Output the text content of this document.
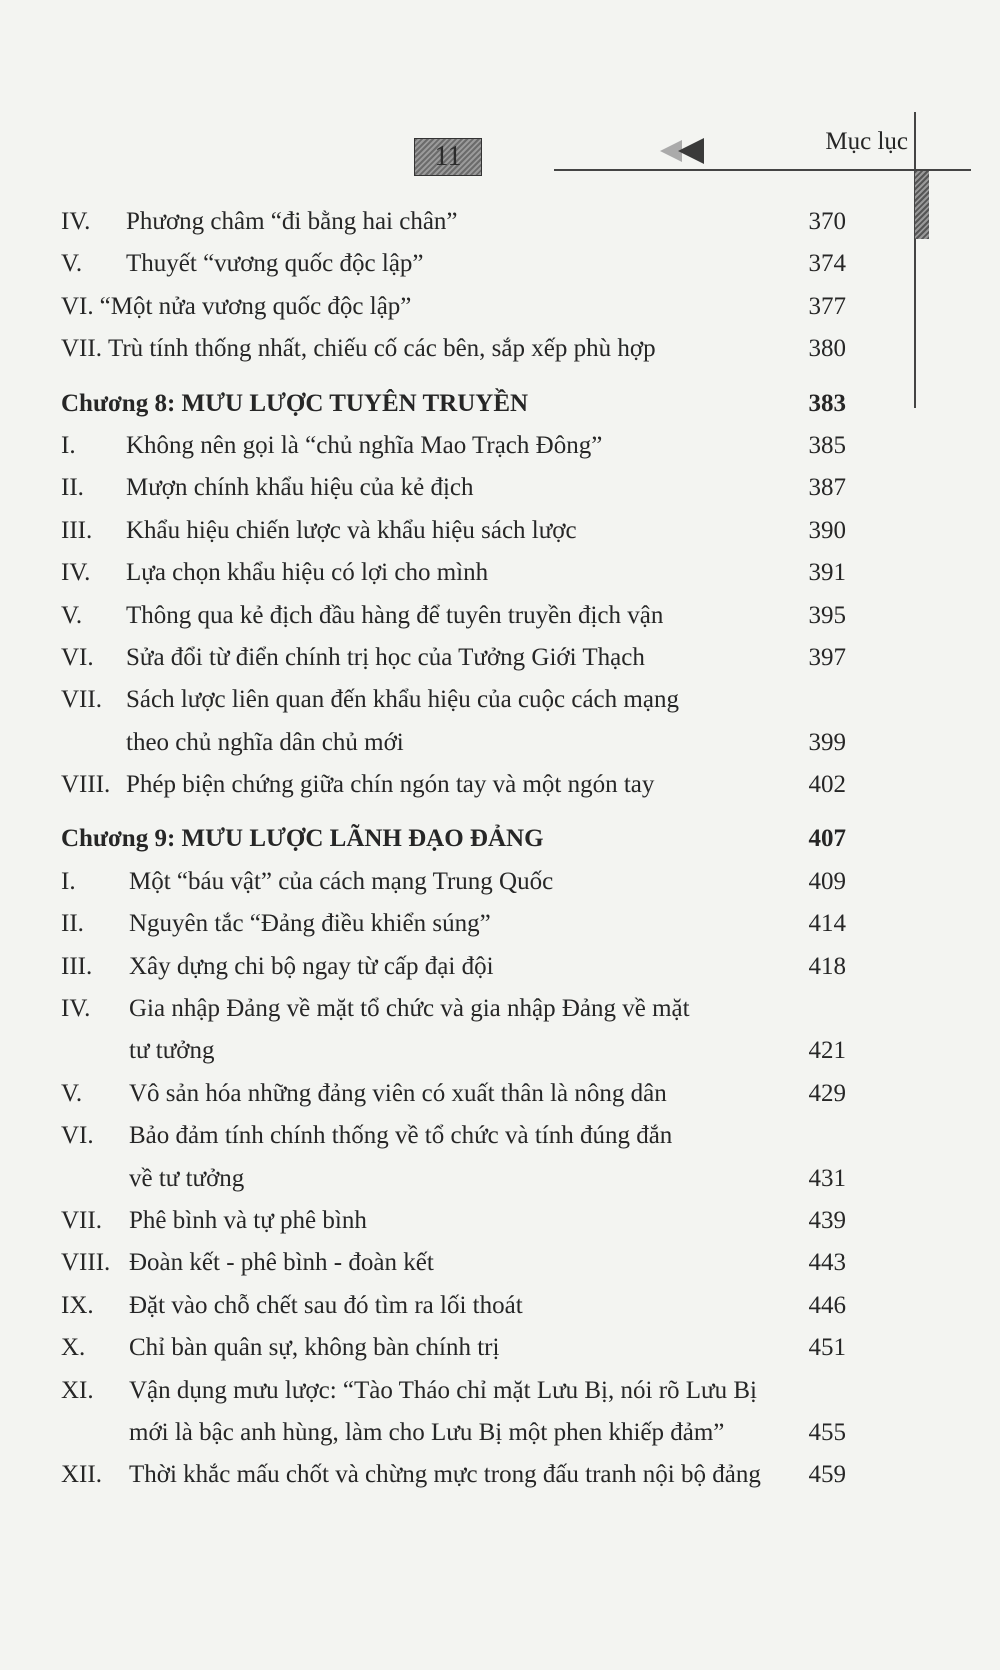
11	Mục lục
IV. Phương châm “đi bằng hai chân”	370
V. Thuyết “vương quốc độc lập”	374
VI. “Một nửa vương quốc độc lập”	377
VII. Trù tính thống nhất, chiếu cố các bên, sắp xếp phù hợp	380
Chương 8: MƯU LƯỢC TUYÊN TRUYỀN	383
I. Không nên gọi là “chủ nghĩa Mao Trạch Đông”	385
II. Mượn chính khẩu hiệu của kẻ địch	387
III. Khẩu hiệu chiến lược và khẩu hiệu sách lược	390
IV. Lựa chọn khẩu hiệu có lợi cho mình	391
V. Thông qua kẻ địch đầu hàng để tuyên truyền địch vận	395
VI. Sửa đổi từ điển chính trị học của Tưởng Giới Thạch	397
VII. Sách lược liên quan đến khẩu hiệu của cuộc cách mạng
theo chủ nghĩa dân chủ mới	399
VIII. Phép biện chứng giữa chín ngón tay và một ngón tay	402
Chương 9: MƯU LƯỢC LÃNH ĐẠO ĐẢNG	407
I. Một “báu vật” của cách mạng Trung Quốc	409
II. Nguyên tắc “Đảng điều khiển súng”	414
III. Xây dựng chi bộ ngay từ cấp đại đội	418
IV. Gia nhập Đảng về mặt tổ chức và gia nhập Đảng về mặt
tư tưởng	421
V. Vô sản hóa những đảng viên có xuất thân là nông dân	429
VI. Bảo đảm tính chính thống về tổ chức và tính đúng đắn
về tư tưởng	431
VII. Phê bình và tự phê bình	439
VIII. Đoàn kết - phê bình - đoàn kết	443
IX. Đặt vào chỗ chết sau đó tìm ra lối thoát	446
X. Chỉ bàn quân sự, không bàn chính trị	451
XI. Vận dụng mưu lược: “Tào Tháo chỉ mặt Lưu Bị, nói rõ Lưu Bị
mới là bậc anh hùng, làm cho Lưu Bị một phen khiếp đảm”	455
XII. Thời khắc mấu chốt và chừng mực trong đấu tranh nội bộ đảng 459
